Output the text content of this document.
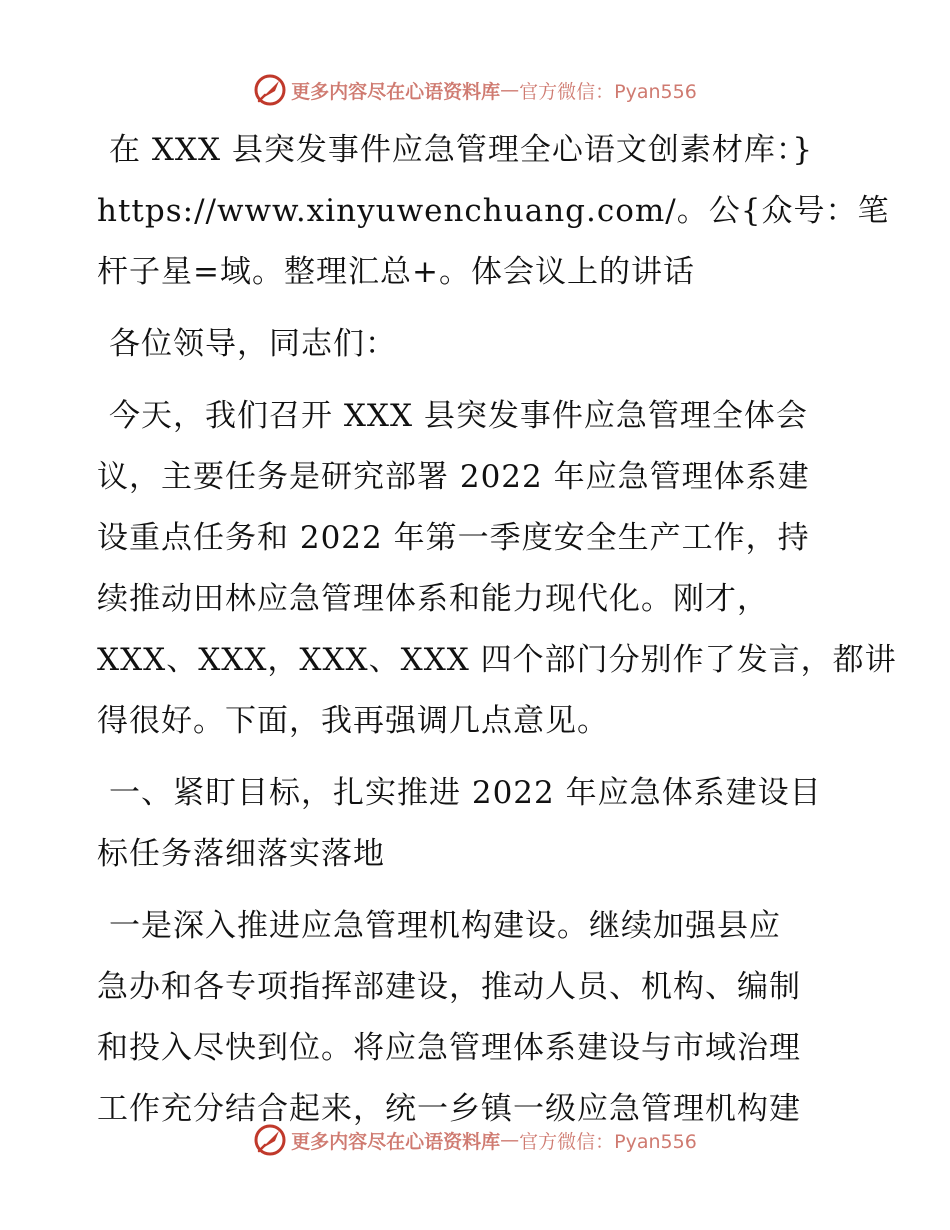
更多内容尽在心语资料库 — 官方微信：Pyan556
在 XXX 县突发事件应急管理全心语文创素材库：}
https://www.xinyuwenchuang.com/。公{众号：笔
杆子星=域。整理汇总+。体会议上的讲话
各位领导，同志们：
今天，我们召开 XXX 县突发事件应急管理全体会
议，主要任务是研究部署 2022 年应急管理体系建
设重点任务和 2022 年第一季度安全生产工作，持
续推动田林应急管理体系和能力现代化。刚才，
XXX、XXX，XXX、XXX 四个部门分别作了发言，都讲
得很好。下面，我再强调几点意见。
一、紧盯目标，扎实推进 2022 年应急体系建设目
标任务落细落实落地
一是深入推进应急管理机构建设。继续加强县应
急办和各专项指挥部建设，推动人员、机构、编制
和投入尽快到位。将应急管理体系建设与市域治理
工作充分结合起来，统一乡镇一级应急管理机构建
更多内容尽在心语资料库 — 官方微信：Pyan556
